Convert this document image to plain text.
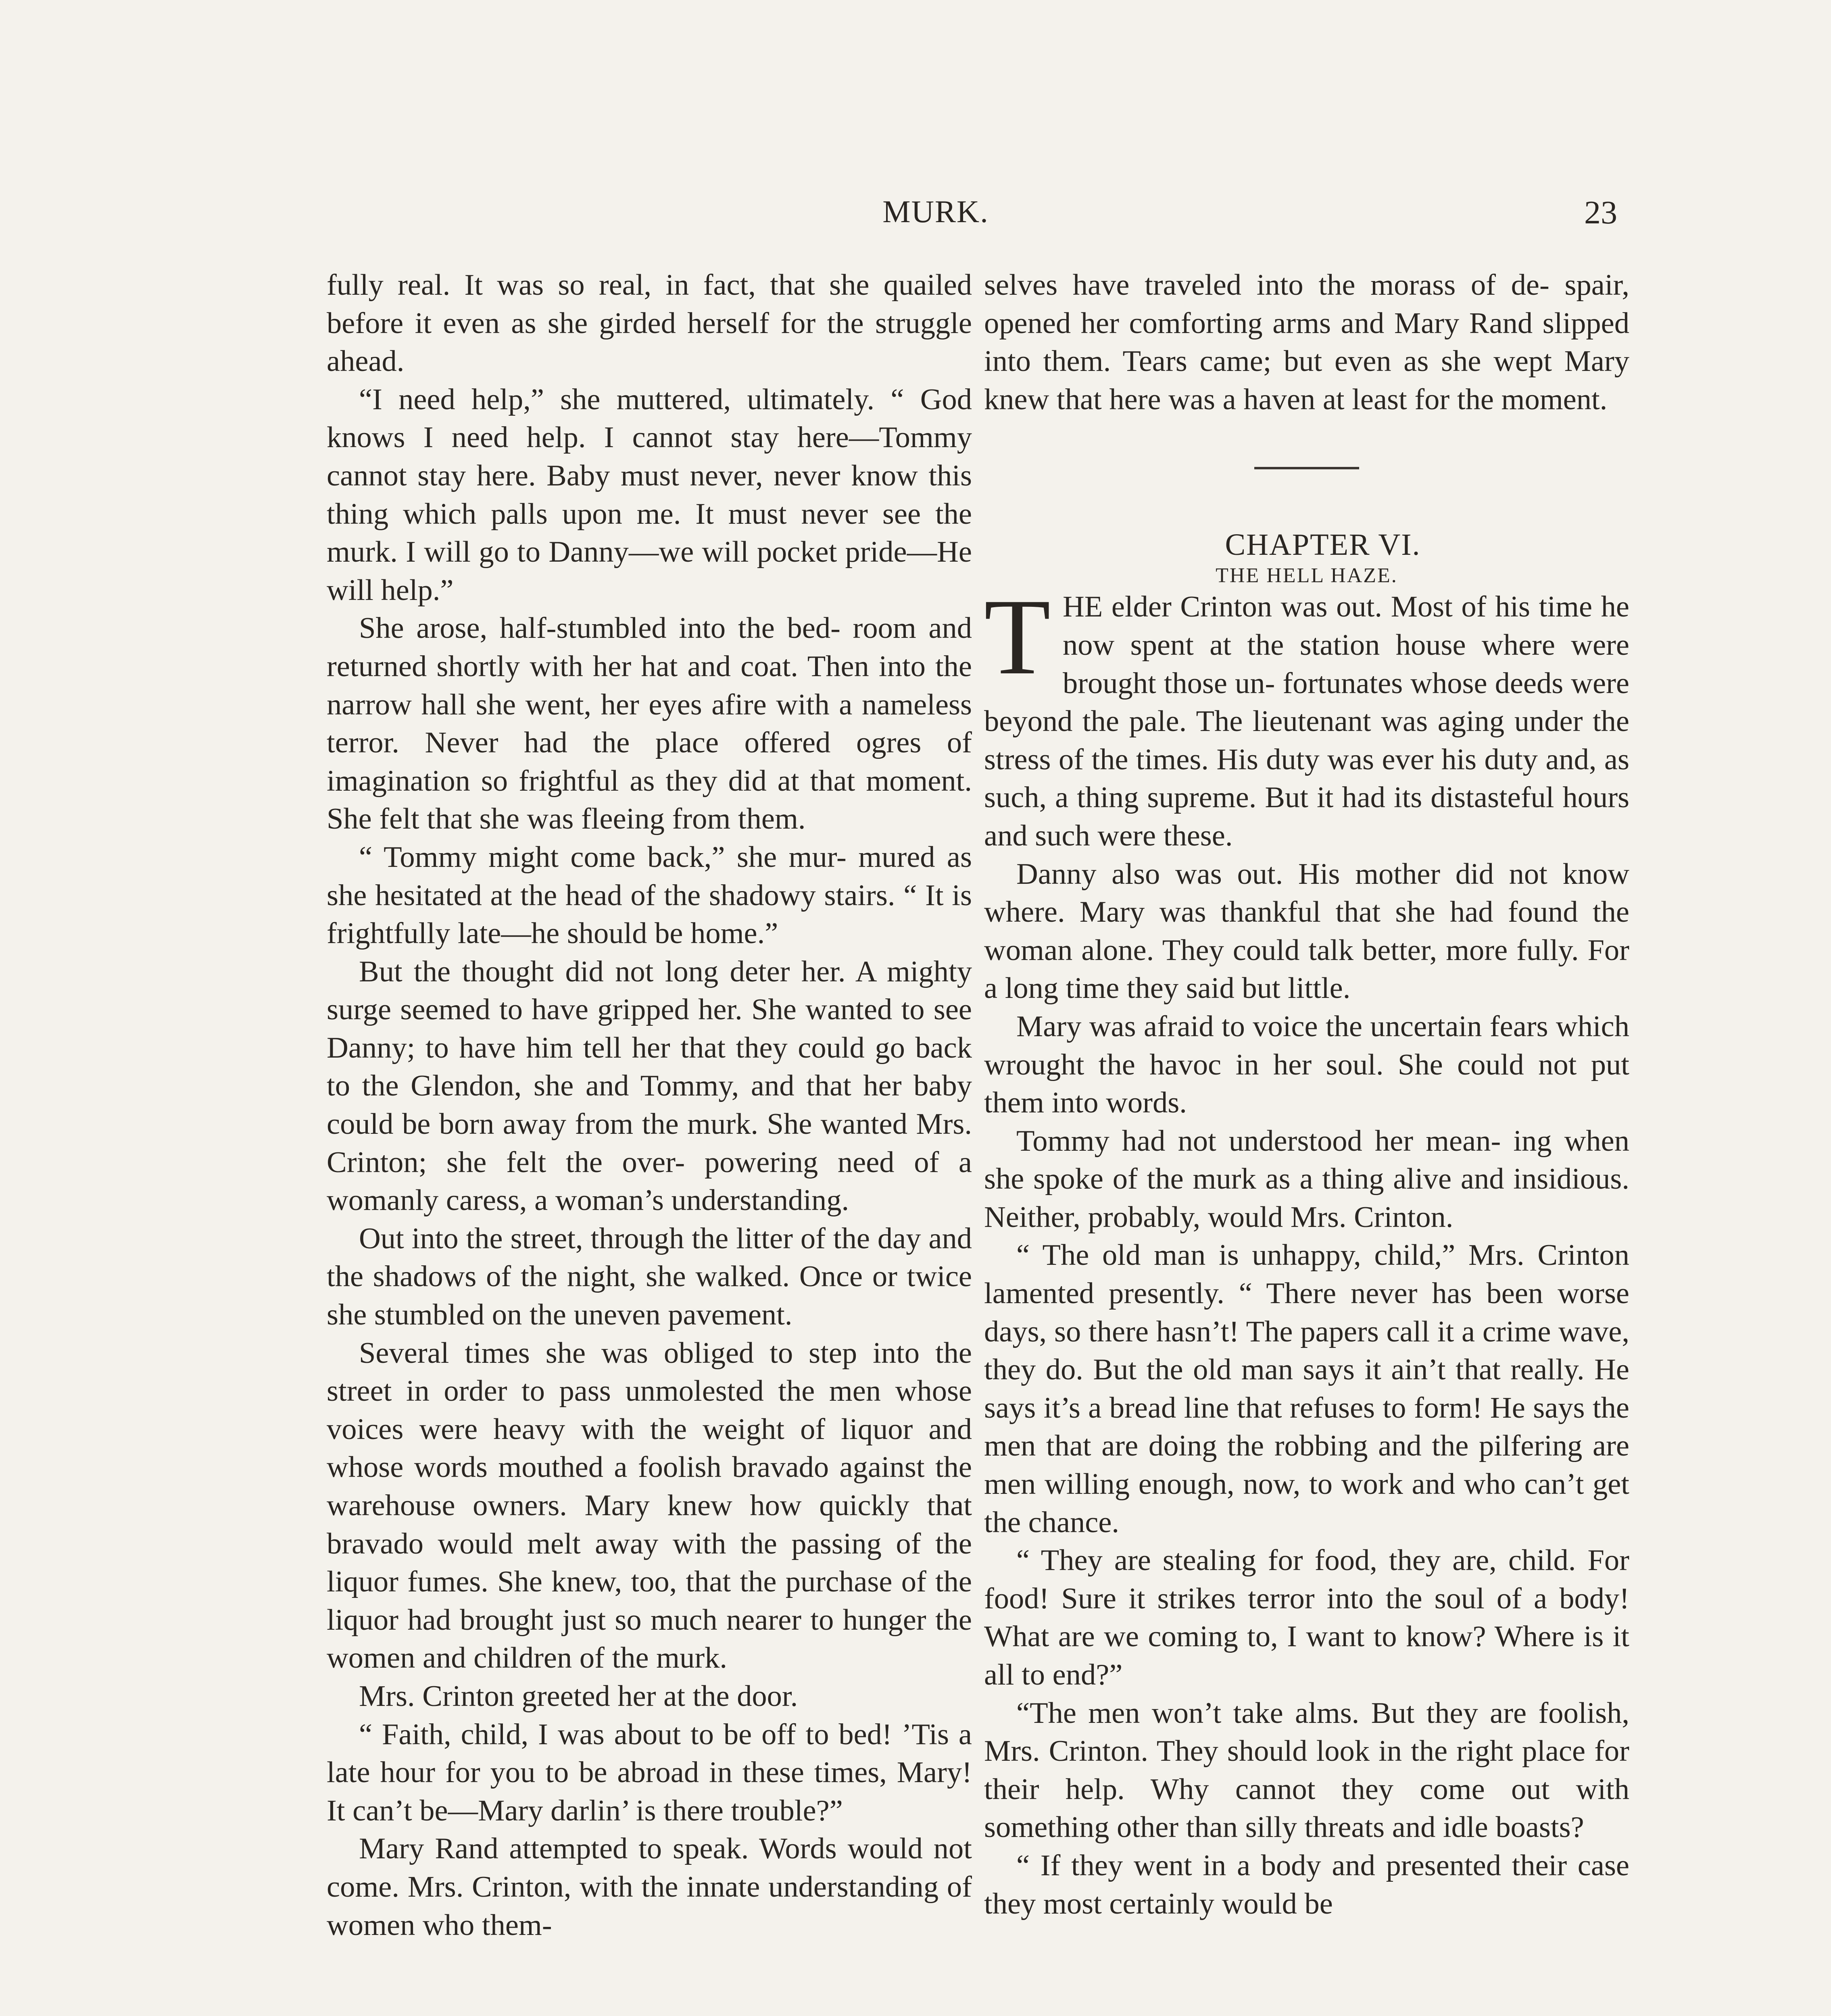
MURK.	23

fully real. It was so real, in fact, that she quailed before it even as she girded herself for the struggle ahead.

“I need help,” she muttered, ultimately. “ God knows I need help. I cannot stay here—Tommy cannot stay here. Baby must never, never know this thing which palls upon me. It must never see the murk. I will go to Danny—we will pocket pride—He will help.”

She arose, half-stumbled into the bed- room and returned shortly with her hat and coat. Then into the narrow hall she went, her eyes afire with a nameless terror. Never had the place offered ogres of imagination so frightful as they did at that moment. She felt that she was fleeing from them.

“ Tommy might come back,” she mur- mured as she hesitated at the head of the shadowy stairs. “ It is frightfully late—he should be home.”

But the thought did not long deter her. A mighty surge seemed to have gripped her. She wanted to see Danny; to have him tell her that they could go back to the Glendon, she and Tommy, and that her baby could be born away from the murk. She wanted Mrs. Crinton; she felt the over- powering need of a womanly caress, a woman’s understanding.

Out into the street, through the litter of the day and the shadows of the night, she walked. Once or twice she stumbled on the uneven pavement.

Several times she was obliged to step into the street in order to pass unmolested the men whose voices were heavy with the weight of liquor and whose words mouthed a foolish bravado against the warehouse owners. Mary knew how quickly that bravado would melt away with the passing of the liquor fumes. She knew, too, that the purchase of the liquor had brought just so much nearer to hunger the women and children of the murk.

Mrs. Crinton greeted her at the door.

“ Faith, child, I was about to be off to bed! ’Tis a late hour for you to be abroad in these times, Mary! It can’t be—Mary darlin’ is there trouble?”

Mary Rand attempted to speak. Words would not come. Mrs. Crinton, with the innate understanding of women who them-

selves have traveled into the morass of de- spair, opened her comforting arms and Mary Rand slipped into them. Tears came; but even as she wept Mary knew that here was a haven at least for the moment.

CHAPTER VI.

THE HELL HAZE.

THE elder Crinton was out. Most of his time he now spent at the station house where were brought those un- fortunates whose deeds were beyond the pale. The lieutenant was aging under the stress of the times. His duty was ever his duty and, as such, a thing supreme. But it had its distasteful hours and such were these.

Danny also was out. His mother did not know where. Mary was thankful that she had found the woman alone. They could talk better, more fully. For a long time they said but little.

Mary was afraid to voice the uncertain fears which wrought the havoc in her soul. She could not put them into words.

Tommy had not understood her mean- ing when she spoke of the murk as a thing alive and insidious. Neither, probably, would Mrs. Crinton.

“ The old man is unhappy, child,” Mrs. Crinton lamented presently. “ There never has been worse days, so there hasn’t! The papers call it a crime wave, they do. But the old man says it ain’t that really. He says it’s a bread line that refuses to form! He says the men that are doing the robbing and the pilfering are men willing enough, now, to work and who can’t get the chance.

“ They are stealing for food, they are, child. For food! Sure it strikes terror into the soul of a body! What are we coming to, I want to know? Where is it all to end?”

“The men won’t take alms. But they are foolish, Mrs. Crinton. They should look in the right place for their help. Why cannot they come out with something other than silly threats and idle boasts?

“ If they went in a body and presented their case they most certainly would be
